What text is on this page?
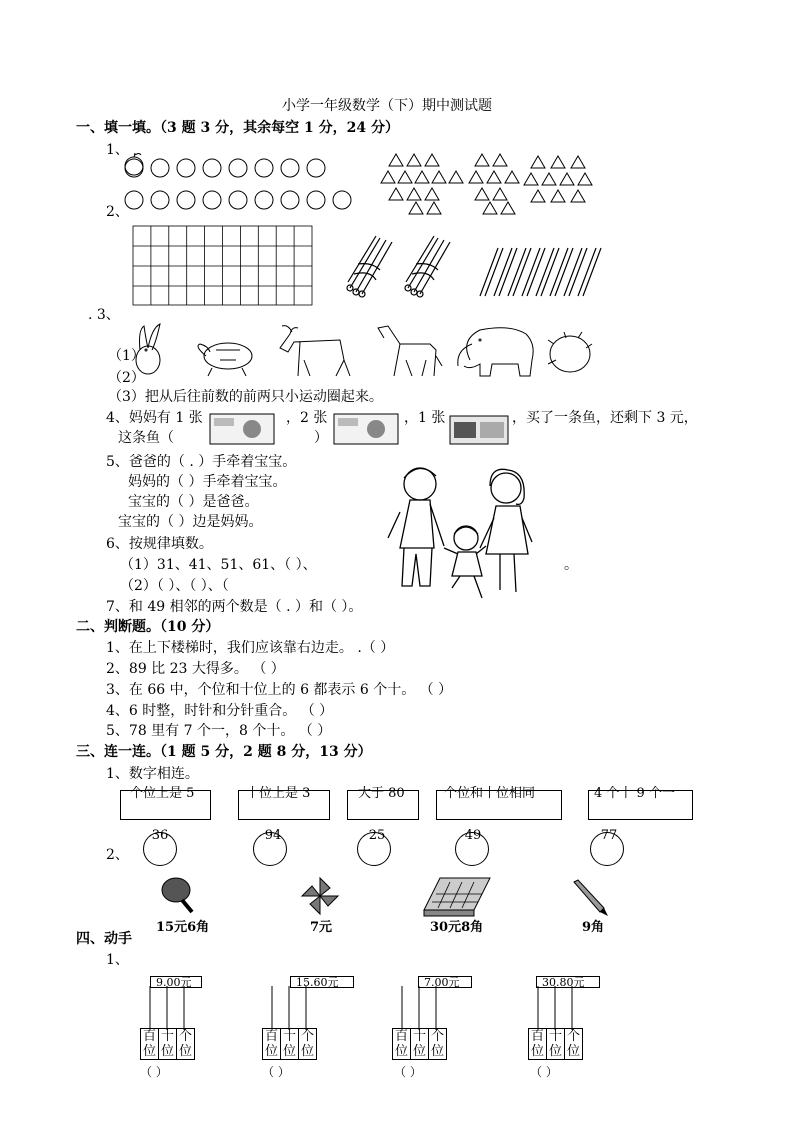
小学一年级数学（下）期中测试题
一、填一填。（3 题 3 分，其余每空 1 分，24 分）
1、
2、
. 3、
（1）
（2）
（3）把从后往前数的前两只小运动圈起来。
4、妈妈有 1 张	，2 张	，1 张	，买了一条鱼，还剩下 3 元，
这条鱼（	）
5、爸爸的（ . ）手牵着宝宝。
妈妈的（ ）手牵着宝宝。
宝宝的（ ）是爸爸。
宝宝的（ ）边是妈妈。
6、按规律填数。
（1）31、41、51、61、（ ）、	。
（2）（ ）、（ ）、（
7、和 49 相邻的两个数是（ . ）和（ ）。
二、判断题。（10 分）
1、在上下楼梯时，我们应该靠右边走。 .（ ）
2、89 比 23 大得多。 （ ）
3、在 66 中，个位和十位上的 6 都表示 6 个十。 （ ）
4、6 时整，时针和分针重合。 （ ）
5、78 里有 7 个一，8 个十。 （ ）
三、连一连。（1 题 5 分，2 题 8 分，13 分）
1、数字相连。
个位上是 5	十位上是 3	大于 80	个位和十位相同	4 个十 9 个一
36	94	25	49	77
2、
15元6角	7元	30元8角	9角
四、动手
1、
9.00元
百位
十位
个位
（ ）
15.60元
百位
十位
个位
（ ）
7.00元
百位
十位
个位
（ ）
30.80元
百位
十位
个位
（ ）
